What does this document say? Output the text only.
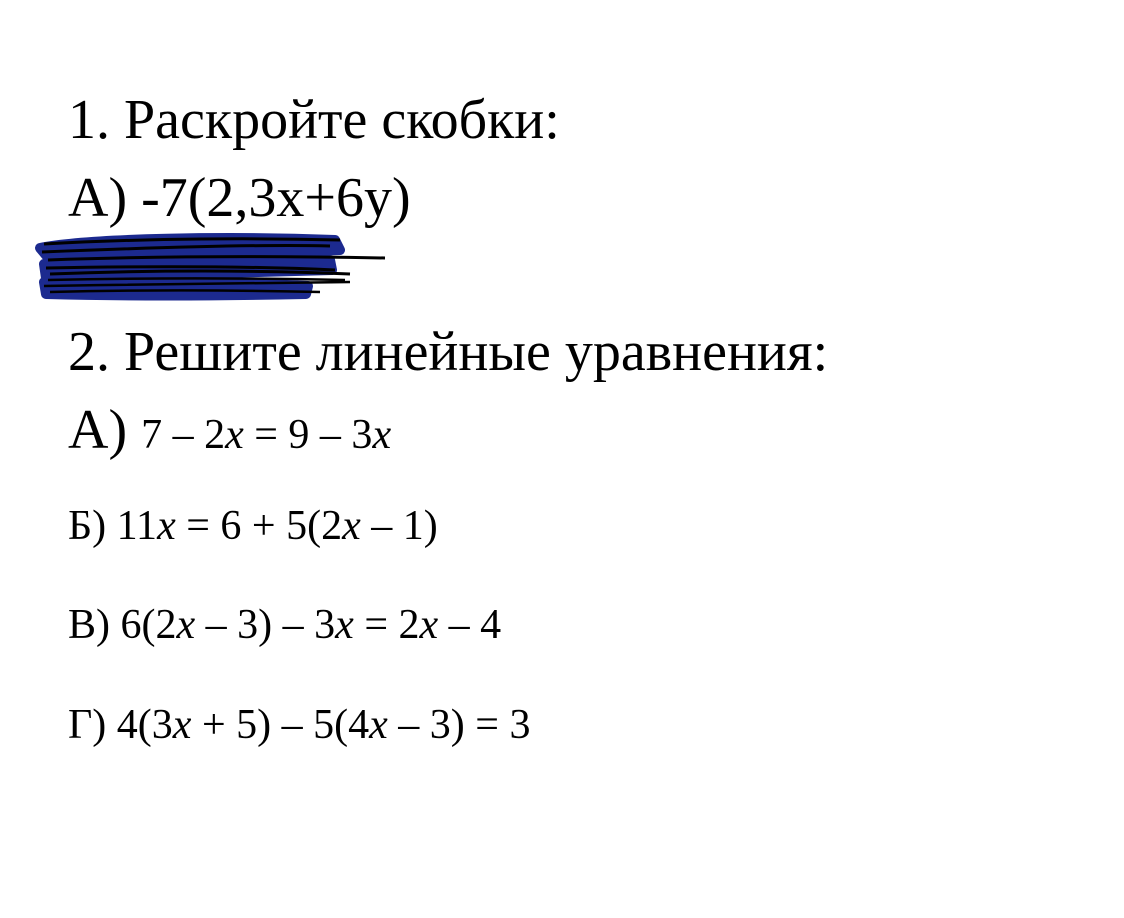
1. Раскройте скобки:
А) -7(2,3x+6y)
2. Решите линейные уравнения:
А) 7 – 2x = 9 – 3x
Б) 11x = 6 + 5(2x – 1)
В) 6(2x – 3) – 3x = 2x – 4
Г) 4(3x + 5) – 5(4x – 3) = 3
